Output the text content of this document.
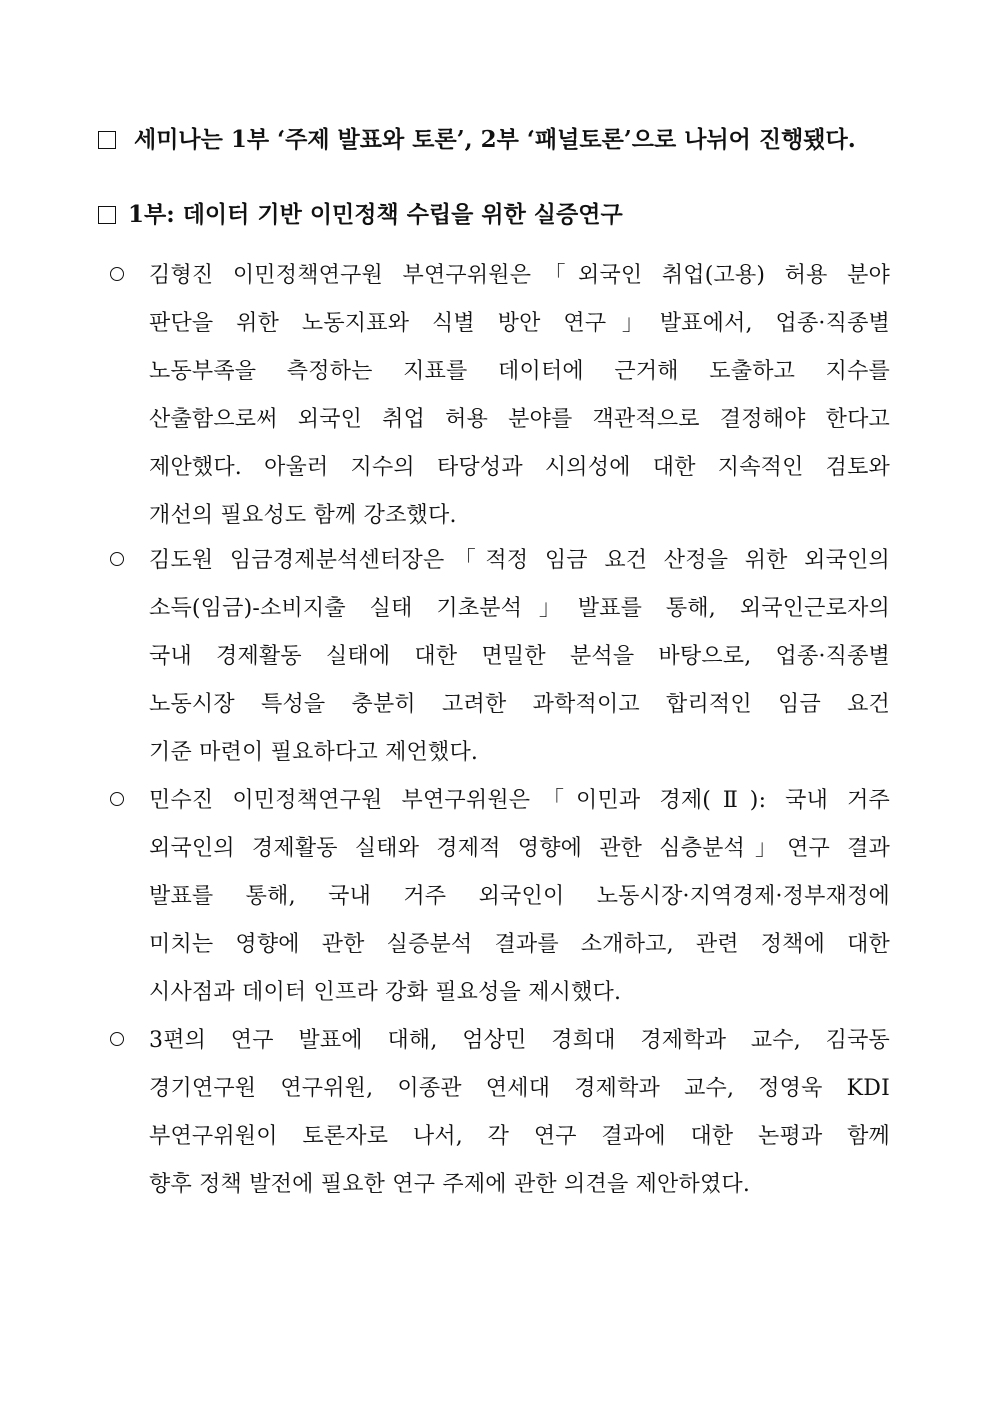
세미나는 1부 ‘주제 발표와 토론’, 2부 ‘패널토론’으로 나뉘어 진행됐다.
1부: 데이터 기반 이민정책 수립을 위한 실증연구
김형진 이민정책연구원 부연구위원은「외국인 취업(고용) 허용 분야
판단을 위한 노동지표와 식별 방안 연구」발표에서, 업종·직종별
노동부족을 측정하는 지표를 데이터에 근거해 도출하고 지수를
산출함으로써 외국인 취업 허용 분야를 객관적으로 결정해야 한다고
제안했다. 아울러 지수의 타당성과 시의성에 대한 지속적인 검토와
개선의 필요성도 함께 강조했다.
김도원 임금경제분석센터장은「적정 임금 요건 산정을 위한 외국인의
소득(임금)-소비지출 실태 기초분석」발표를 통해, 외국인근로자의
국내 경제활동 실태에 대한 면밀한 분석을 바탕으로, 업종·직종별
노동시장 특성을 충분히 고려한 과학적이고 합리적인 임금 요건
기준 마련이 필요하다고 제언했다.
민수진 이민정책연구원 부연구위원은「이민과 경제(Ⅱ): 국내 거주
외국인의 경제활동 실태와 경제적 영향에 관한 심층분석」연구 결과
발표를 통해, 국내 거주 외국인이 노동시장·지역경제·정부재정에
미치는 영향에 관한 실증분석 결과를 소개하고, 관련 정책에 대한
시사점과 데이터 인프라 강화 필요성을 제시했다.
3편의 연구 발표에 대해, 엄상민 경희대 경제학과 교수, 김국동
경기연구원 연구위원, 이종관 연세대 경제학과 교수, 정영욱 KDI
부연구위원이 토론자로 나서, 각 연구 결과에 대한 논평과 함께
향후 정책 발전에 필요한 연구 주제에 관한 의견을 제안하였다.
